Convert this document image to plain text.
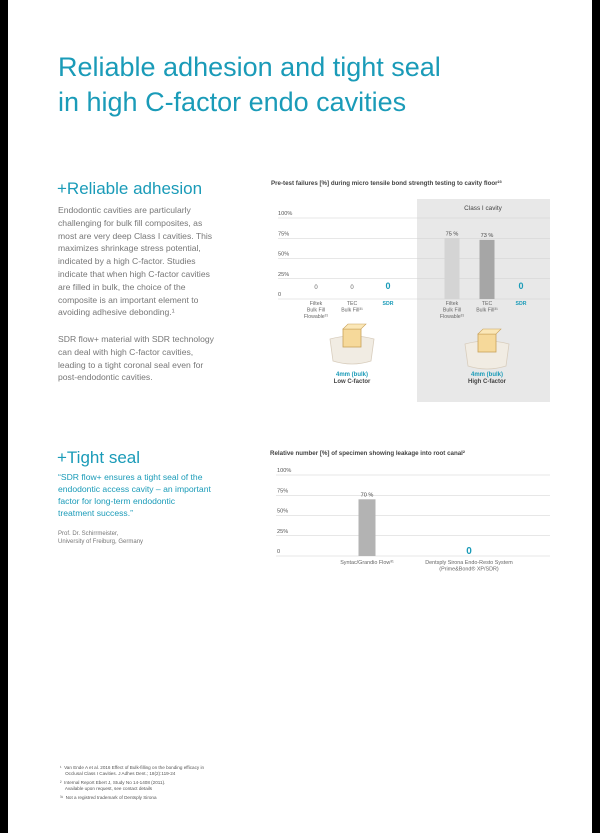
Reliable adhesion and tight seal
in high C-factor endo cavities
+Reliable adhesion
Endodontic cavities are particularly
challenging for bulk fill composites, as
most are very deep Class I cavities. This
maximizes shrinkage stress potential,
indicated by a high C-factor. Studies
indicate that when high C-factor cavities
are filled in bulk, the choice of the
composite is an important element to
avoiding adhesive debonding.¹
SDR flow+ material with SDR technology
can deal with high C-factor cavities,
leading to a tight coronal seal even for
post-endodontic cavities.
+Tight seal
“SDR flow+ ensures a tight seal of the
endodontic access cavity – an important
factor for long-term endodontic
treatment success.”
Prof. Dr. Schirrmeister,
University of Freiburg, Germany
Pre-test failures [%] during micro tensile bond strength testing to cavity floor²³
Class I cavity
100%
75%
50%
25%
0
0
Filtek
Bulk Fill
Flowable³¹
0
TEC
Bulk Fill³¹
0
SDR
4mm (bulk)
Low C-factor
75 %
Filtek
Bulk Fill
Flowable³¹
73 %
TEC
Bulk Fill³¹
0
SDR
4mm (bulk)
High C-factor
Relative number [%] of specimen showing leakage into root canal²
100%
75%
50%
25%
0
70 %
Syntac/Grandio Flow³¹
0
Dentsply Sirona Endo-Resto System
(Prime&Bond® XP/SDR)
¹  Van Ende A et al. 2016 Effect of Bulk-filling on the bonding efficacy in
Occlusal Class I Cavities. J Adhes Dent.; 18(2):119-24
²  Internal Report Ebert J, Study No 14-1408 (2011).
Available upon request, see contact details
³¹  Not a registred trademark of Dentsply Sirona
